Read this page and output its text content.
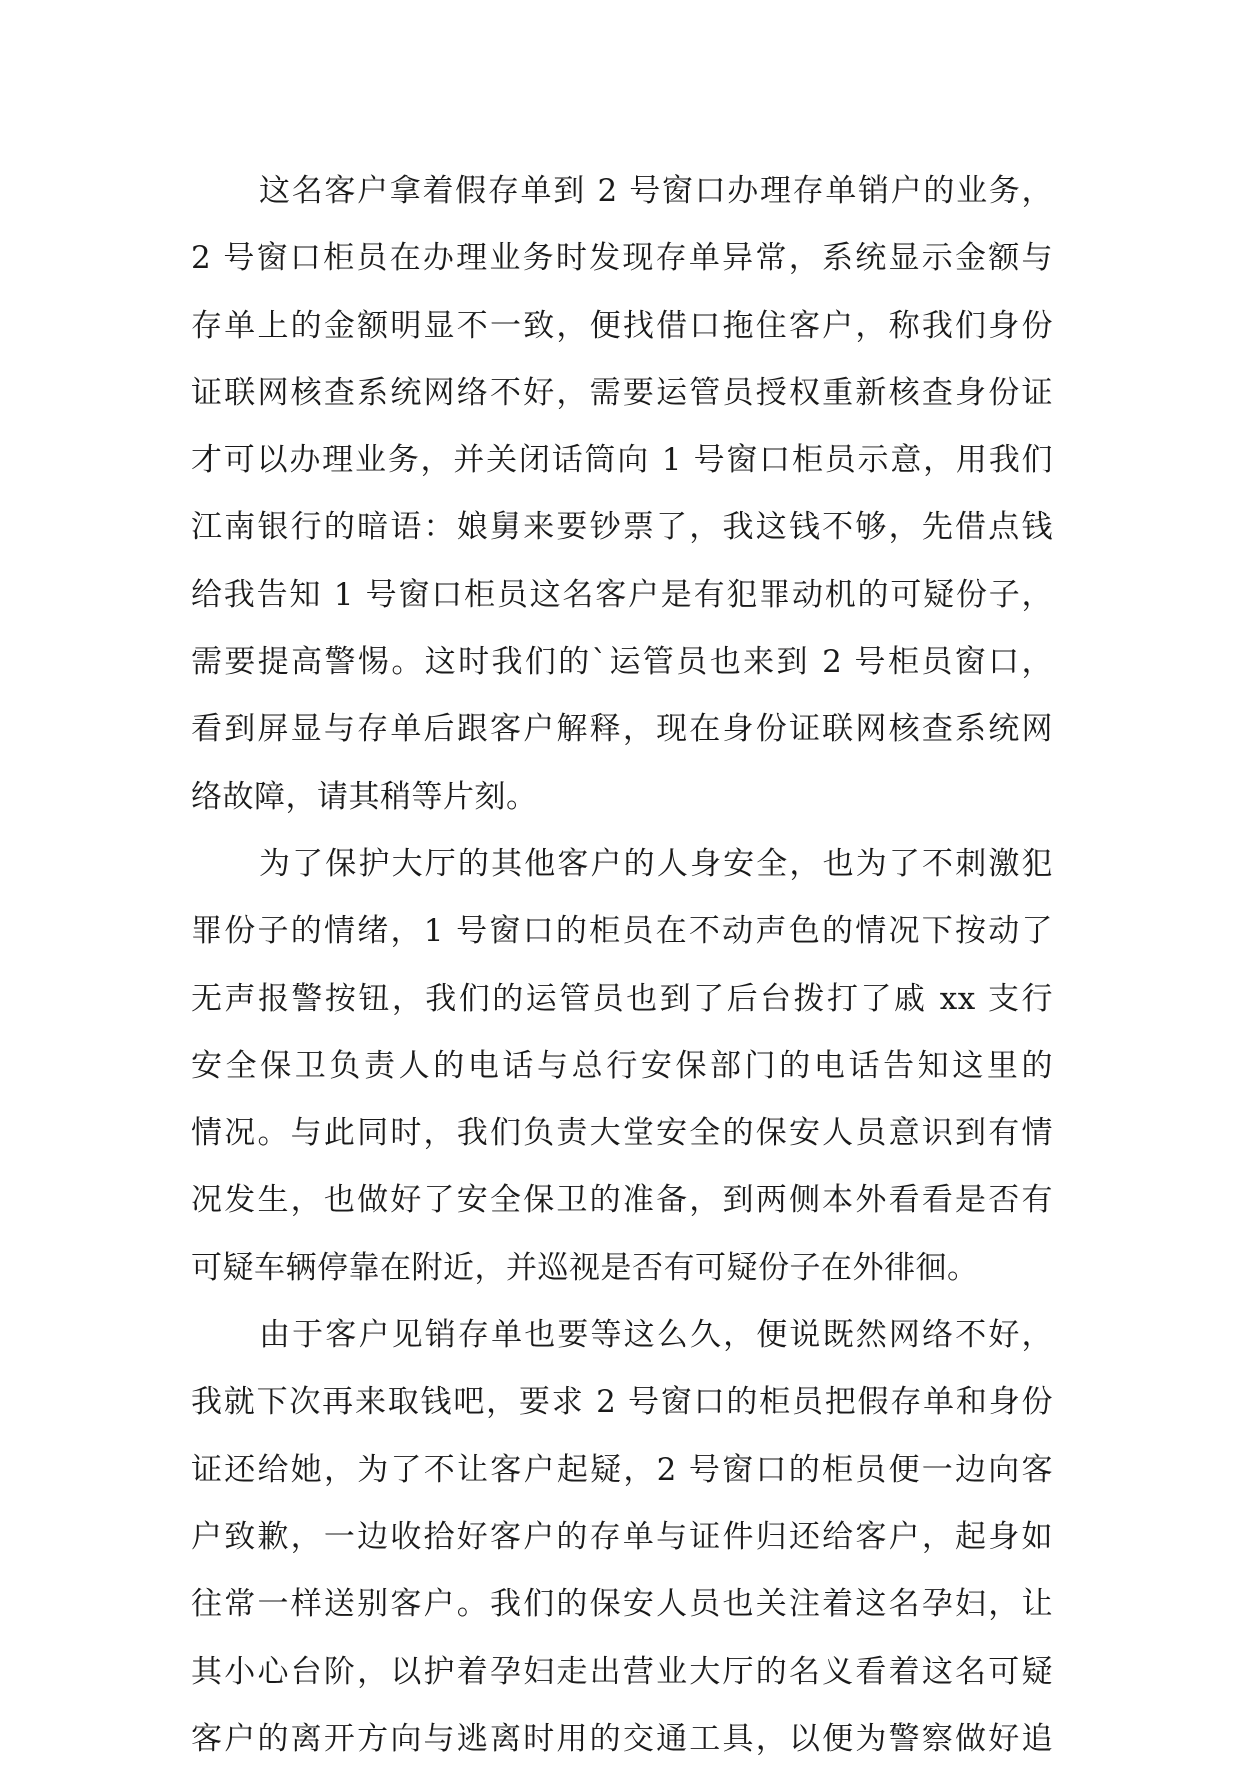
这名客户拿着假存单到 2 号窗口办理存单销户的业务，
2 号窗口柜员在办理业务时发现存单异常，系统显示金额与
存单上的金额明显不一致，便找借口拖住客户，称我们身份
证联网核查系统网络不好，需要运管员授权重新核查身份证
才可以办理业务，并关闭话筒向 1 号窗口柜员示意，用我们
江南银行的暗语：娘舅来要钞票了，我这钱不够，先借点钱
给我告知 1 号窗口柜员这名客户是有犯罪动机的可疑份子，
需要提高警惕。这时我们的`运管员也来到 2 号柜员窗口，
看到屏显与存单后跟客户解释，现在身份证联网核查系统网
络故障，请其稍等片刻。
为了保护大厅的其他客户的人身安全，也为了不刺激犯
罪份子的情绪，1 号窗口的柜员在不动声色的情况下按动了
无声报警按钮，我们的运管员也到了后台拨打了戚 xx 支行
安全保卫负责人的电话与总行安保部门的电话告知这里的
情况。与此同时，我们负责大堂安全的保安人员意识到有情
况发生，也做好了安全保卫的准备，到两侧本外看看是否有
可疑车辆停靠在附近，并巡视是否有可疑份子在外徘徊。
由于客户见销存单也要等这么久，便说既然网络不好，
我就下次再来取钱吧，要求 2 号窗口的柜员把假存单和身份
证还给她，为了不让客户起疑，2 号窗口的柜员便一边向客
户致歉，一边收拾好客户的存单与证件归还给客户，起身如
往常一样送别客户。我们的保安人员也关注着这名孕妇，让
其小心台阶，以护着孕妇走出营业大厅的名义看着这名可疑
客户的离开方向与逃离时用的交通工具，以便为警察做好追
